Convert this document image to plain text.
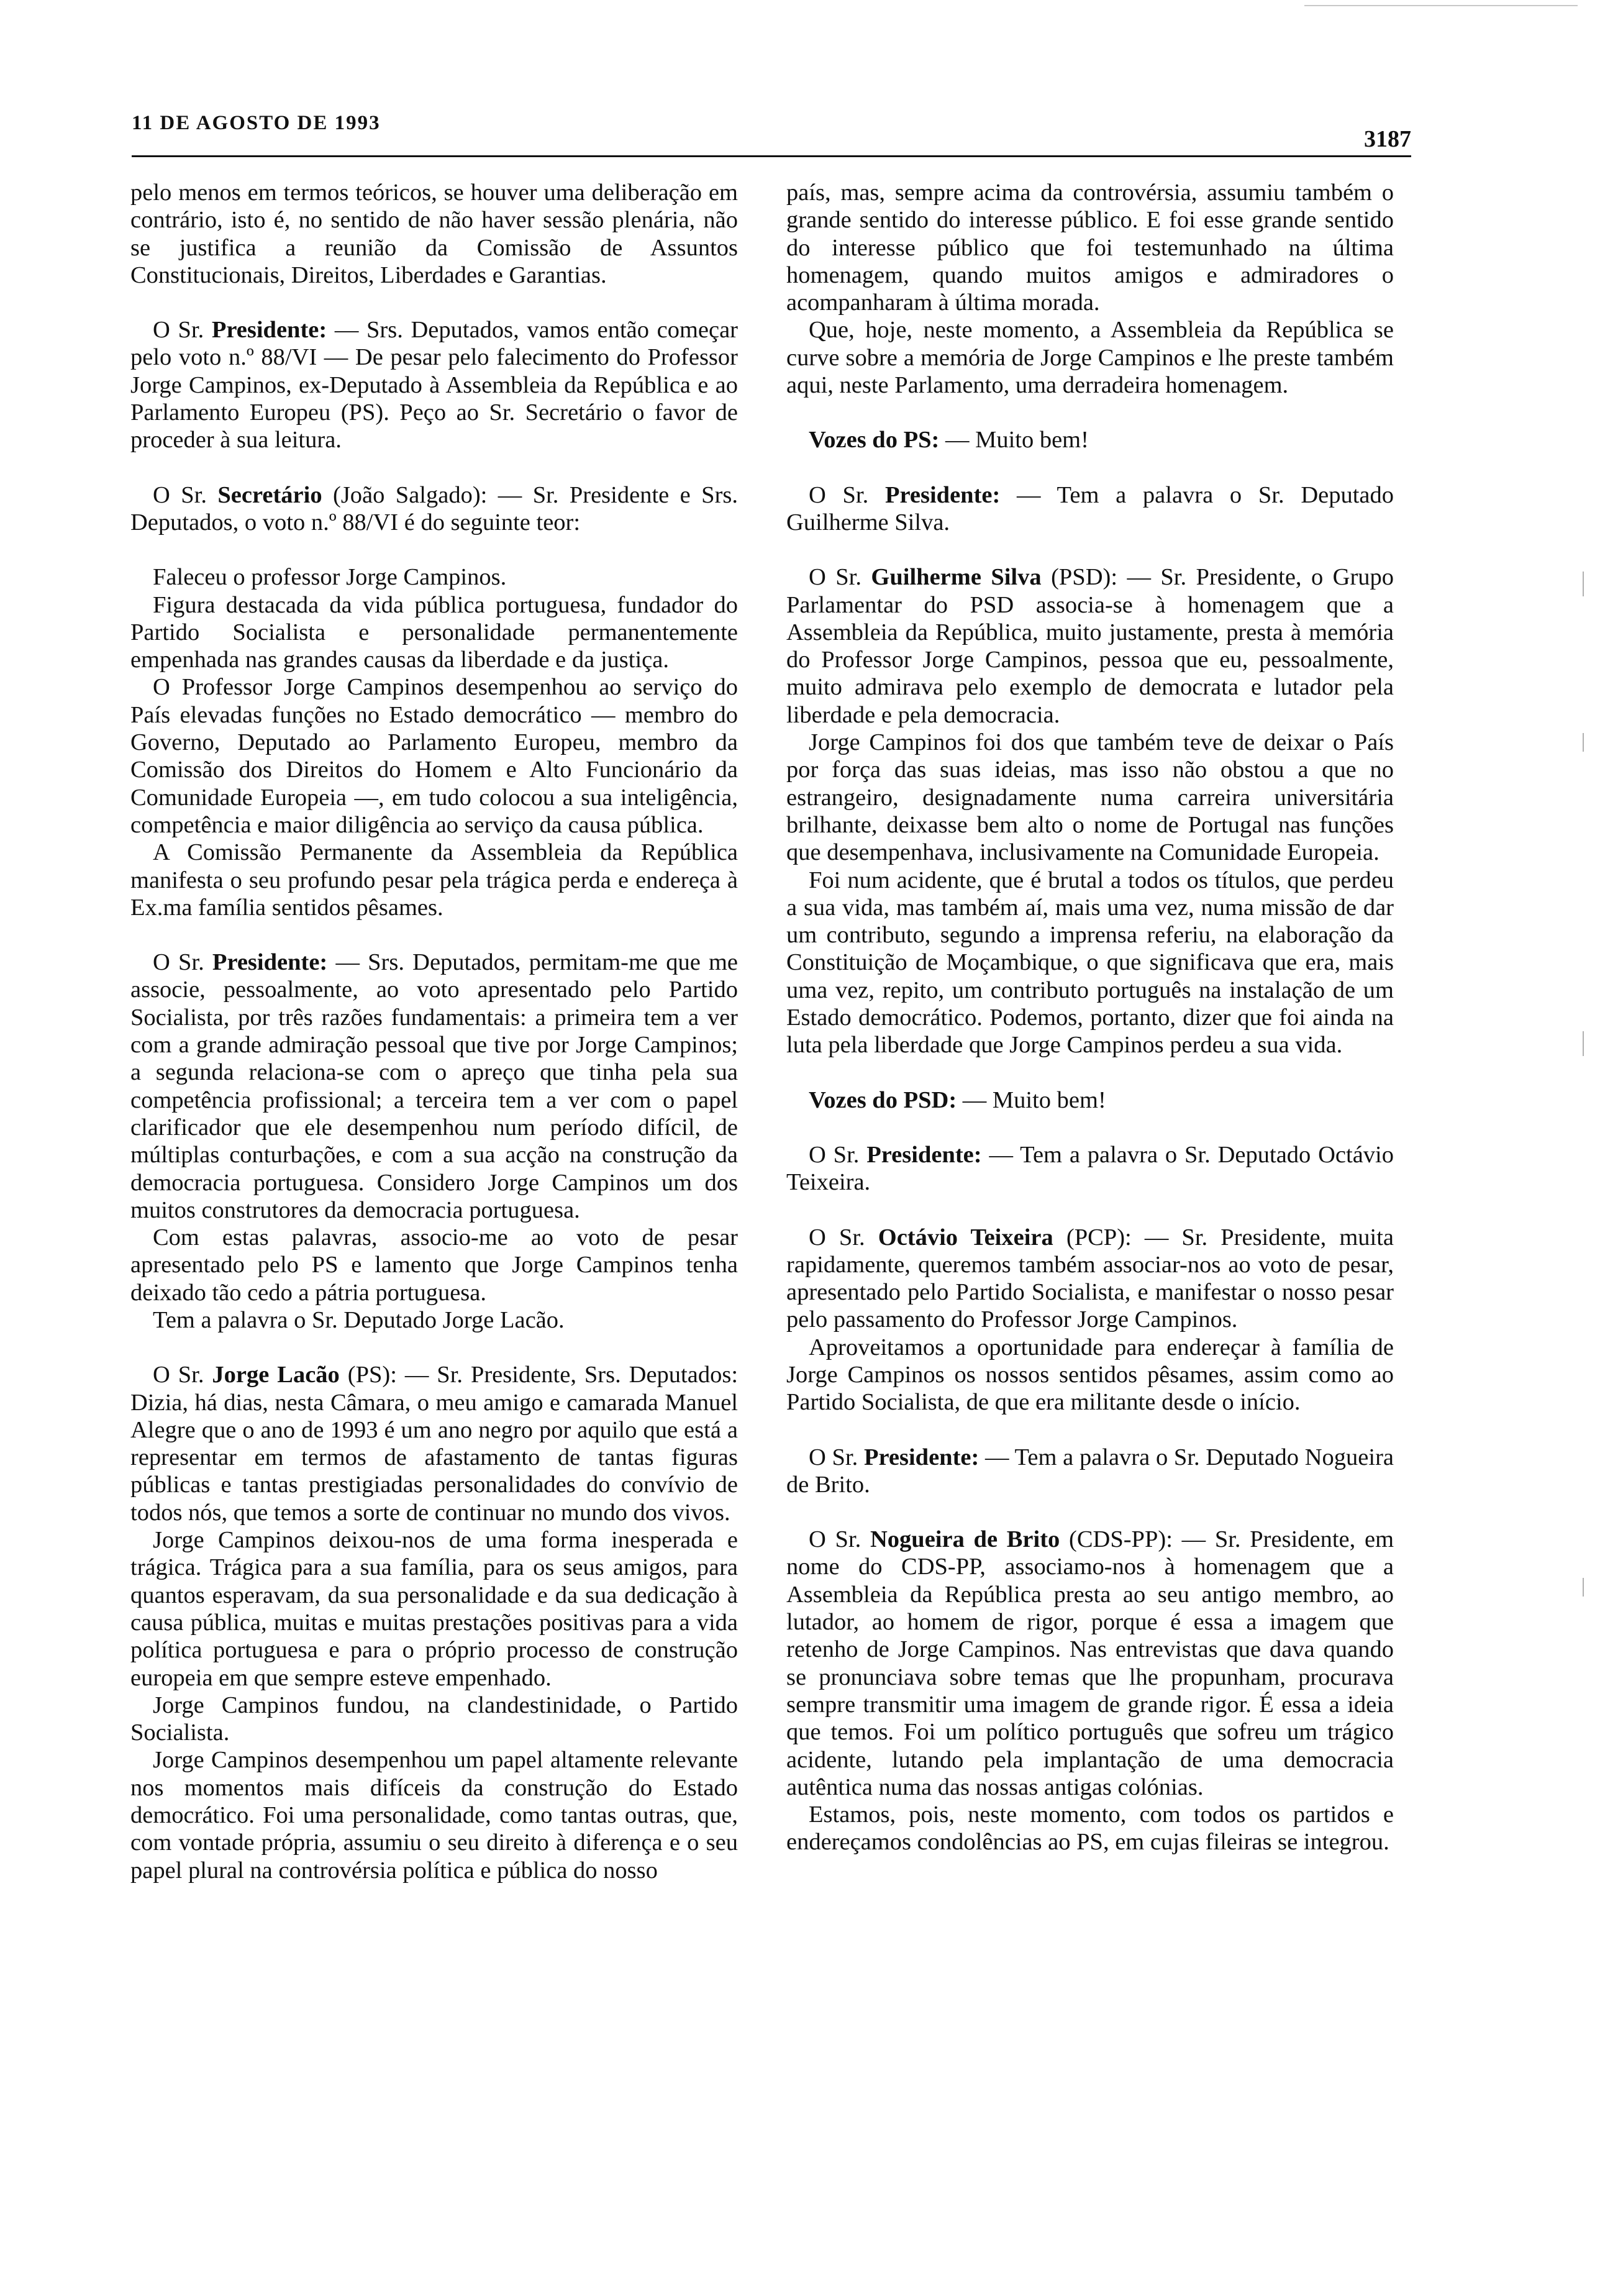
11 DE AGOSTO DE 1993
3187

pelo menos em termos teóricos, se houver uma deliberação em contrário, isto é, no sentido de não haver sessão plenária, não se justifica a reunião da Comissão de Assuntos Constitucionais, Direitos, Liberdades e Garantias.

O Sr. Presidente: — Srs. Deputados, vamos então começar pelo voto n.º 88/VI — De pesar pelo falecimento do Professor Jorge Campinos, ex-Deputado à Assembleia da República e ao Parlamento Europeu (PS). Peço ao Sr. Secretário o favor de proceder à sua leitura.

O Sr. Secretário (João Salgado): — Sr. Presidente e Srs. Deputados, o voto n.º 88/VI é do seguinte teor:

Faleceu o professor Jorge Campinos.

Figura destacada da vida pública portuguesa, fundador do Partido Socialista e personalidade permanentemente empenhada nas grandes causas da liberdade e da justiça.

O Professor Jorge Campinos desempenhou ao serviço do País elevadas funções no Estado democrático — membro do Governo, Deputado ao Parlamento Europeu, membro da Comissão dos Direitos do Homem e Alto Funcionário da Comunidade Europeia —, em tudo colocou a sua inteligência, competência e maior diligência ao serviço da causa pública.

A Comissão Permanente da Assembleia da República manifesta o seu profundo pesar pela trágica perda e endereça à Ex.ma família sentidos pêsames.

O Sr. Presidente: — Srs. Deputados, permitam-me que me associe, pessoalmente, ao voto apresentado pelo Partido Socialista, por três razões fundamentais: a primeira tem a ver com a grande admiração pessoal que tive por Jorge Campinos; a segunda relaciona-se com o apreço que tinha pela sua competência profissional; a terceira tem a ver com o papel clarificador que ele desempenhou num período difícil, de múltiplas conturbações, e com a sua acção na construção da democracia portuguesa. Considero Jorge Campinos um dos muitos construtores da democracia portuguesa.

Com estas palavras, associo-me ao voto de pesar apresentado pelo PS e lamento que Jorge Campinos tenha deixado tão cedo a pátria portuguesa.

Tem a palavra o Sr. Deputado Jorge Lacão.

O Sr. Jorge Lacão (PS): — Sr. Presidente, Srs. Deputados: Dizia, há dias, nesta Câmara, o meu amigo e camarada Manuel Alegre que o ano de 1993 é um ano negro por aquilo que está a representar em termos de afastamento de tantas figuras públicas e tantas prestigiadas personalidades do convívio de todos nós, que temos a sorte de continuar no mundo dos vivos.

Jorge Campinos deixou-nos de uma forma inesperada e trágica. Trágica para a sua família, para os seus amigos, para quantos esperavam, da sua personalidade e da sua dedicação à causa pública, muitas e muitas prestações positivas para a vida política portuguesa e para o próprio processo de construção europeia em que sempre esteve empenhado.

Jorge Campinos fundou, na clandestinidade, o Partido Socialista.

Jorge Campinos desempenhou um papel altamente relevante nos momentos mais difíceis da construção do Estado democrático. Foi uma personalidade, como tantas outras, que, com vontade própria, assumiu o seu direito à diferença e o seu papel plural na controvérsia política e pública do nosso

país, mas, sempre acima da controvérsia, assumiu também o grande sentido do interesse público. E foi esse grande sentido do interesse público que foi testemunhado na última homenagem, quando muitos amigos e admiradores o acompanharam à última morada.

Que, hoje, neste momento, a Assembleia da República se curve sobre a memória de Jorge Campinos e lhe preste também aqui, neste Parlamento, uma derradeira homenagem.

Vozes do PS: — Muito bem!

O Sr. Presidente: — Tem a palavra o Sr. Deputado Guilherme Silva.

O Sr. Guilherme Silva (PSD): — Sr. Presidente, o Grupo Parlamentar do PSD associa-se à homenagem que a Assembleia da República, muito justamente, presta à memória do Professor Jorge Campinos, pessoa que eu, pessoalmente, muito admirava pelo exemplo de democrata e lutador pela liberdade e pela democracia.

Jorge Campinos foi dos que também teve de deixar o País por força das suas ideias, mas isso não obstou a que no estrangeiro, designadamente numa carreira universitária brilhante, deixasse bem alto o nome de Portugal nas funções que desempenhava, inclusivamente na Comunidade Europeia.

Foi num acidente, que é brutal a todos os títulos, que perdeu a sua vida, mas também aí, mais uma vez, numa missão de dar um contributo, segundo a imprensa referiu, na elaboração da Constituição de Moçambique, o que significava que era, mais uma vez, repito, um contributo português na instalação de um Estado democrático. Podemos, portanto, dizer que foi ainda na luta pela liberdade que Jorge Campinos perdeu a sua vida.

Vozes do PSD: — Muito bem!

O Sr. Presidente: — Tem a palavra o Sr. Deputado Octávio Teixeira.

O Sr. Octávio Teixeira (PCP): — Sr. Presidente, muita rapidamente, queremos também associar-nos ao voto de pesar, apresentado pelo Partido Socialista, e manifestar o nosso pesar pelo passamento do Professor Jorge Campinos.

Aproveitamos a oportunidade para endereçar à família de Jorge Campinos os nossos sentidos pêsames, assim como ao Partido Socialista, de que era militante desde o início.

O Sr. Presidente: — Tem a palavra o Sr. Deputado Nogueira de Brito.

O Sr. Nogueira de Brito (CDS-PP): — Sr. Presidente, em nome do CDS-PP, associamo-nos à homenagem que a Assembleia da República presta ao seu antigo membro, ao lutador, ao homem de rigor, porque é essa a imagem que retenho de Jorge Campinos. Nas entrevistas que dava quando se pronunciava sobre temas que lhe propunham, procurava sempre transmitir uma imagem de grande rigor. É essa a ideia que temos. Foi um político português que sofreu um trágico acidente, lutando pela implantação de uma democracia autêntica numa das nossas antigas colónias.

Estamos, pois, neste momento, com todos os partidos e endereçamos condolências ao PS, em cujas fileiras se integrou.
